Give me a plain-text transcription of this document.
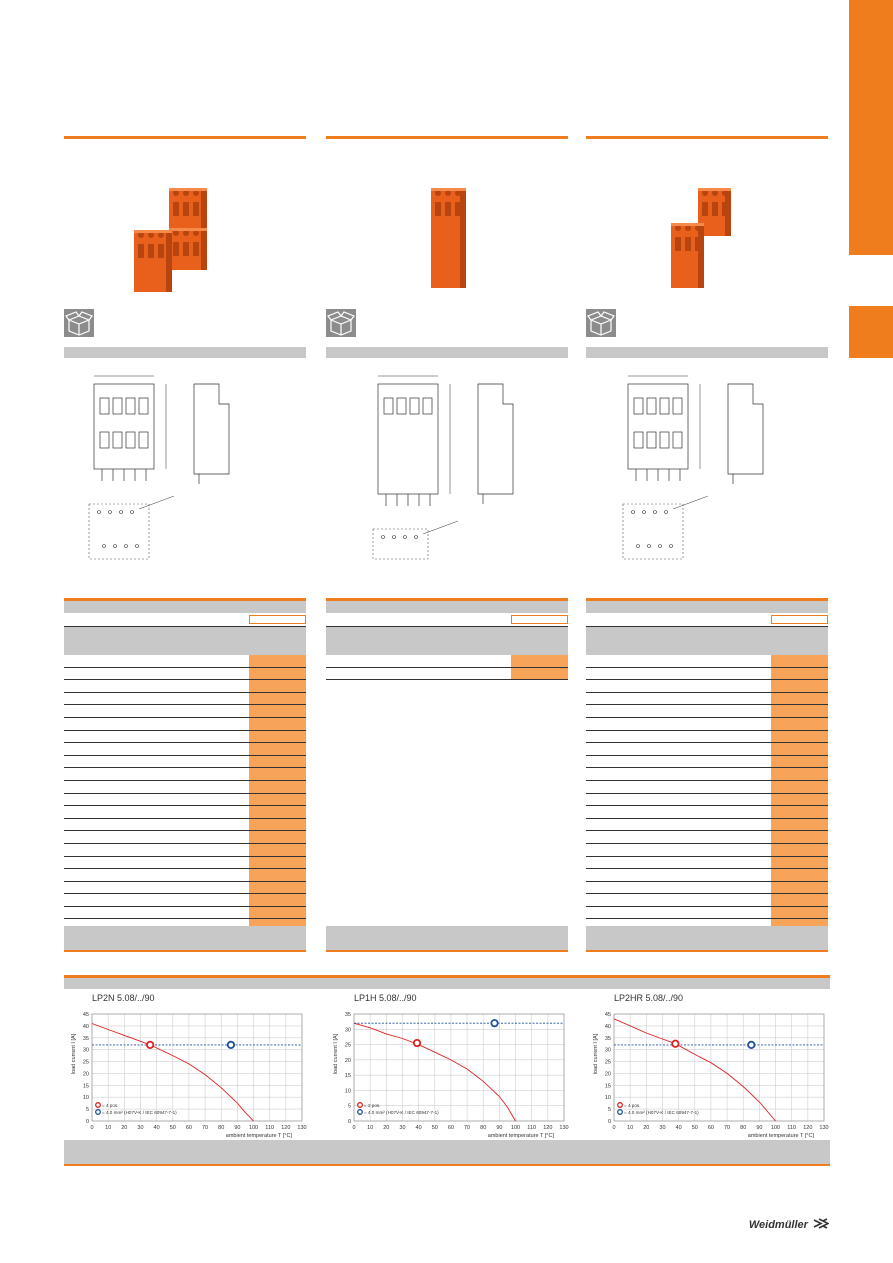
LP2N 5.08/../90
0 10 20 30 40 50 60 70 80 90 100 110 120 130
0
5
10
15
20
25
30
35
40
45
load current I [A]
ambient temperature T [°C]
= 4 pos.
= 4.0 mm² (H07V-K / IEC 60947-7-1)
LP1H 5.08/../90
0 10 20 30 40 50 60 70 80 90 100 110 120 130
0
5
10
15
20
25
30
35
load current I [A]
ambient temperature T [°C]
= 2 pos.
= 4.0 mm² (H07V-K / IEC 60947-7-1)
LP2HR 5.08/../90
0 10 20 30 40 50 60 70 80 90 100 110 120 130
0
5
10
15
20
25
30
35
40
45
load current I [A]
ambient temperature T [°C]
= 4 pos.
= 4.0 mm² (H07V-K / IEC 60947-7-1)
Weidmüller
